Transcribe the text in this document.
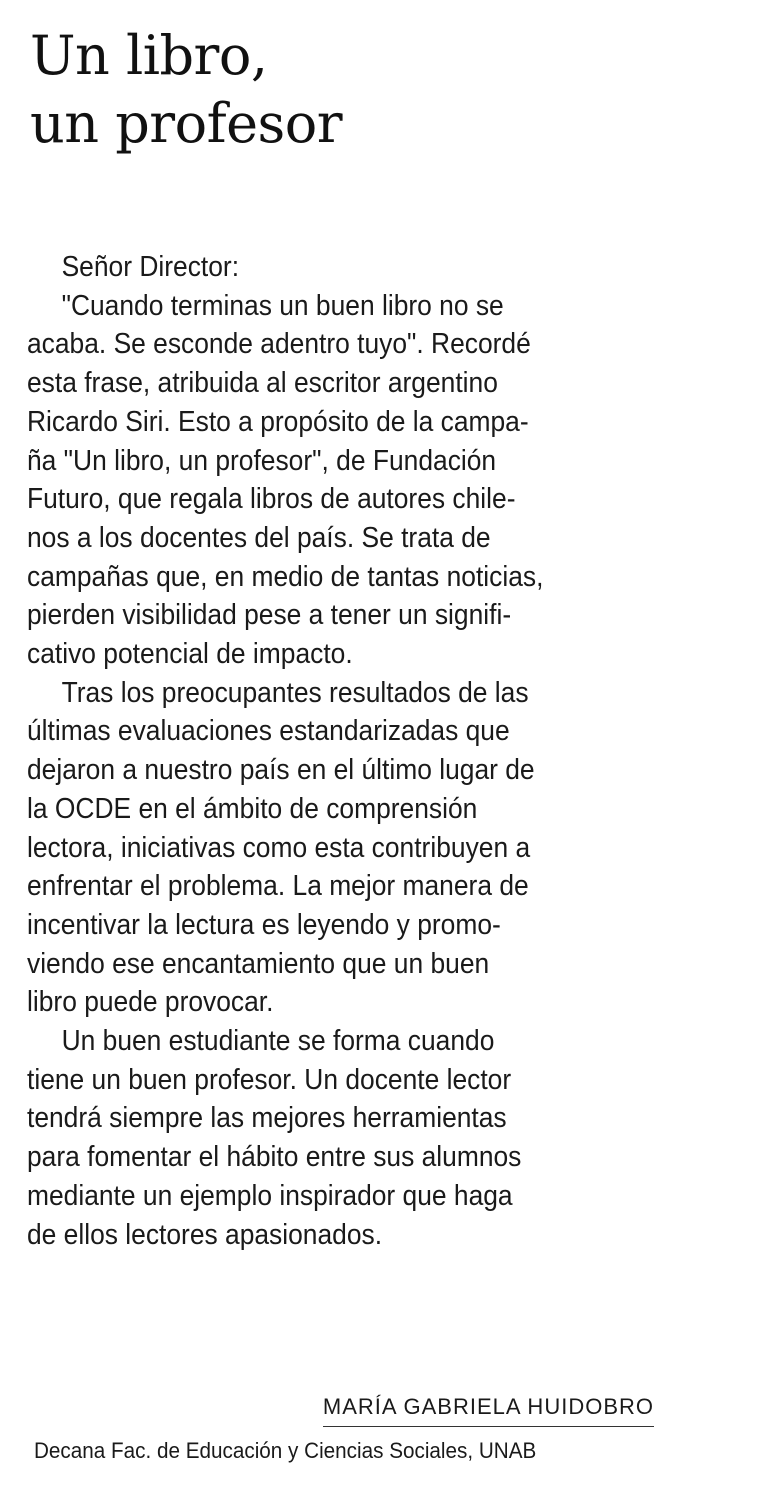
Un libro,
un profesor
Señor Director:
"Cuando terminas un buen libro no se
acaba. Se esconde adentro tuyo". Recordé
esta frase, atribuida al escritor argentino
Ricardo Siri. Esto a propósito de la campa-
ña "Un libro, un profesor", de Fundación
Futuro, que regala libros de autores chile-
nos a los docentes del país. Se trata de
campañas que, en medio de tantas noticias,
pierden visibilidad pese a tener un signifi-
cativo potencial de impacto.
Tras los preocupantes resultados de las
últimas evaluaciones estandarizadas que
dejaron a nuestro país en el último lugar de
la OCDE en el ámbito de comprensión
lectora, iniciativas como esta contribuyen a
enfrentar el problema. La mejor manera de
incentivar la lectura es leyendo y promo-
viendo ese encantamiento que un buen
libro puede provocar.
Un buen estudiante se forma cuando
tiene un buen profesor. Un docente lector
tendrá siempre las mejores herramientas
para fomentar el hábito entre sus alumnos
mediante un ejemplo inspirador que haga
de ellos lectores apasionados.
MARÍA GABRIELA HUIDOBRO
Decana Fac. de Educación y Ciencias Sociales, UNAB
